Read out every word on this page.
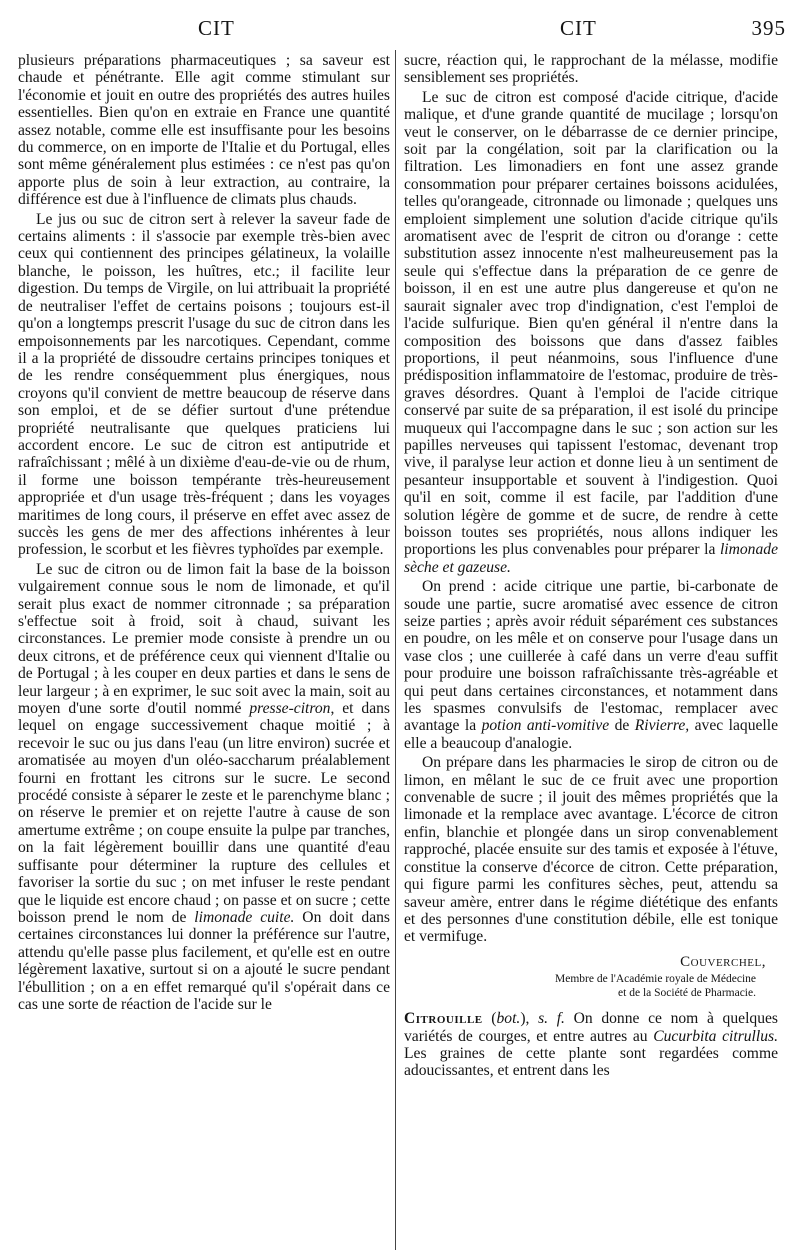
CIT	CIT	395

plusieurs préparations pharmaceutiques ; sa saveur est chaude et pénétrante. Elle agit comme stimulant sur l'économie et jouit en outre des propriétés des autres huiles essentielles. Bien qu'on en extraie en France une quantité assez notable, comme elle est insuffisante pour les besoins du commerce, on en importe de l'Italie et du Portugal, elles sont même généralement plus estimées : ce n'est pas qu'on apporte plus de soin à leur extraction, au contraire, la différence est due à l'influence de climats plus chauds.

Le jus ou suc de citron sert à relever la saveur fade de certains aliments : il s'associe par exemple très-bien avec ceux qui contiennent des principes gélatineux, la volaille blanche, le poisson, les huîtres, etc.; il facilite leur digestion. Du temps de Virgile, on lui attribuait la propriété de neutraliser l'effet de certains poisons ; toujours est-il qu'on a longtemps prescrit l'usage du suc de citron dans les empoisonnements par les narcotiques. Cependant, comme il a la propriété de dissoudre certains principes toniques et de les rendre conséquemment plus énergiques, nous croyons qu'il convient de mettre beaucoup de réserve dans son emploi, et de se défier surtout d'une prétendue propriété neutralisante que quelques praticiens lui accordent encore. Le suc de citron est antiputride et rafraîchissant ; mêlé à un dixième d'eau-de-vie ou de rhum, il forme une boisson tempérante très-heureusement appropriée et d'un usage très-fréquent ; dans les voyages maritimes de long cours, il préserve en effet avec assez de succès les gens de mer des affections inhérentes à leur profession, le scorbut et les fièvres typhoïdes par exemple.

Le suc de citron ou de limon fait la base de la boisson vulgairement connue sous le nom de limonade, et qu'il serait plus exact de nommer citronnade ; sa préparation s'effectue soit à froid, soit à chaud, suivant les circonstances. Le premier mode consiste à prendre un ou deux citrons, et de préférence ceux qui viennent d'Italie ou de Portugal ; à les couper en deux parties et dans le sens de leur largeur ; à en exprimer, le suc soit avec la main, soit au moyen d'une sorte d'outil nommé presse-citron, et dans lequel on engage successivement chaque moitié ; à recevoir le suc ou jus dans l'eau (un litre environ) sucrée et aromatisée au moyen d'un oléo-saccharum préalablement fourni en frottant les citrons sur le sucre. Le second procédé consiste à séparer le zeste et le parenchyme blanc ; on réserve le premier et on rejette l'autre à cause de son amertume extrême ; on coupe ensuite la pulpe par tranches, on la fait légèrement bouillir dans une quantité d'eau suffisante pour déterminer la rupture des cellules et favoriser la sortie du suc ; on met infuser le reste pendant que le liquide est encore chaud ; on passe et on sucre ; cette boisson prend le nom de limonade cuite. On doit dans certaines circonstances lui donner la préférence sur l'autre, attendu qu'elle passe plus facilement, et qu'elle est en outre légèrement laxative, surtout si on a ajouté le sucre pendant l'ébullition ; on a en effet remarqué qu'il s'opérait dans ce cas une sorte de réaction de l'acide sur le

sucre, réaction qui, le rapprochant de la mélasse, modifie sensiblement ses propriétés.

Le suc de citron est composé d'acide citrique, d'acide malique, et d'une grande quantité de mucilage ; lorsqu'on veut le conserver, on le débarrasse de ce dernier principe, soit par la congélation, soit par la clarification ou la filtration. Les limonadiers en font une assez grande consommation pour préparer certaines boissons acidulées, telles qu'orangeade, citronnade ou limonade ; quelques uns emploient simplement une solution d'acide citrique qu'ils aromatisent avec de l'esprit de citron ou d'orange : cette substitution assez innocente n'est malheureusement pas la seule qui s'effectue dans la préparation de ce genre de boisson, il en est une autre plus dangereuse et qu'on ne saurait signaler avec trop d'indignation, c'est l'emploi de l'acide sulfurique. Bien qu'en général il n'entre dans la composition des boissons que dans d'assez faibles proportions, il peut néanmoins, sous l'influence d'une prédisposition inflammatoire de l'estomac, produire de très-graves désordres. Quant à l'emploi de l'acide citrique conservé par suite de sa préparation, il est isolé du principe muqueux qui l'accompagne dans le suc ; son action sur les papilles nerveuses qui tapissent l'estomac, devenant trop vive, il paralyse leur action et donne lieu à un sentiment de pesanteur insupportable et souvent à l'indigestion. Quoi qu'il en soit, comme il est facile, par l'addition d'une solution légère de gomme et de sucre, de rendre à cette boisson toutes ses propriétés, nous allons indiquer les proportions les plus convenables pour préparer la limonade sèche et gazeuse.

On prend : acide citrique une partie, bi-carbonate de soude une partie, sucre aromatisé avec essence de citron seize parties ; après avoir réduit séparément ces substances en poudre, on les mêle et on conserve pour l'usage dans un vase clos ; une cuillerée à café dans un verre d'eau suffit pour produire une boisson rafraîchissante très-agréable et qui peut dans certaines circonstances, et notamment dans les spasmes convulsifs de l'estomac, remplacer avec avantage la potion anti-vomitive de Rivierre, avec laquelle elle a beaucoup d'analogie.

On prépare dans les pharmacies le sirop de citron ou de limon, en mêlant le suc de ce fruit avec une proportion convenable de sucre ; il jouit des mêmes propriétés que la limonade et la remplace avec avantage. L'écorce de citron enfin, blanchie et plongée dans un sirop convenablement rapproché, placée ensuite sur des tamis et exposée à l'étuve, constitue la conserve d'écorce de citron. Cette préparation, qui figure parmi les confitures sèches, peut, attendu sa saveur amère, entrer dans le régime diététique des enfants et des personnes d'une constitution débile, elle est tonique et vermifuge.

Couverchel,
Membre de l'Académie royale de Médecine
et de la Société de Pharmacie.

Citrouille (bot.), s. f. On donne ce nom à quelques variétés de courges, et entre autres au Cucurbita citrullus. Les graines de cette plante sont regardées comme adoucissantes, et entrent dans les
